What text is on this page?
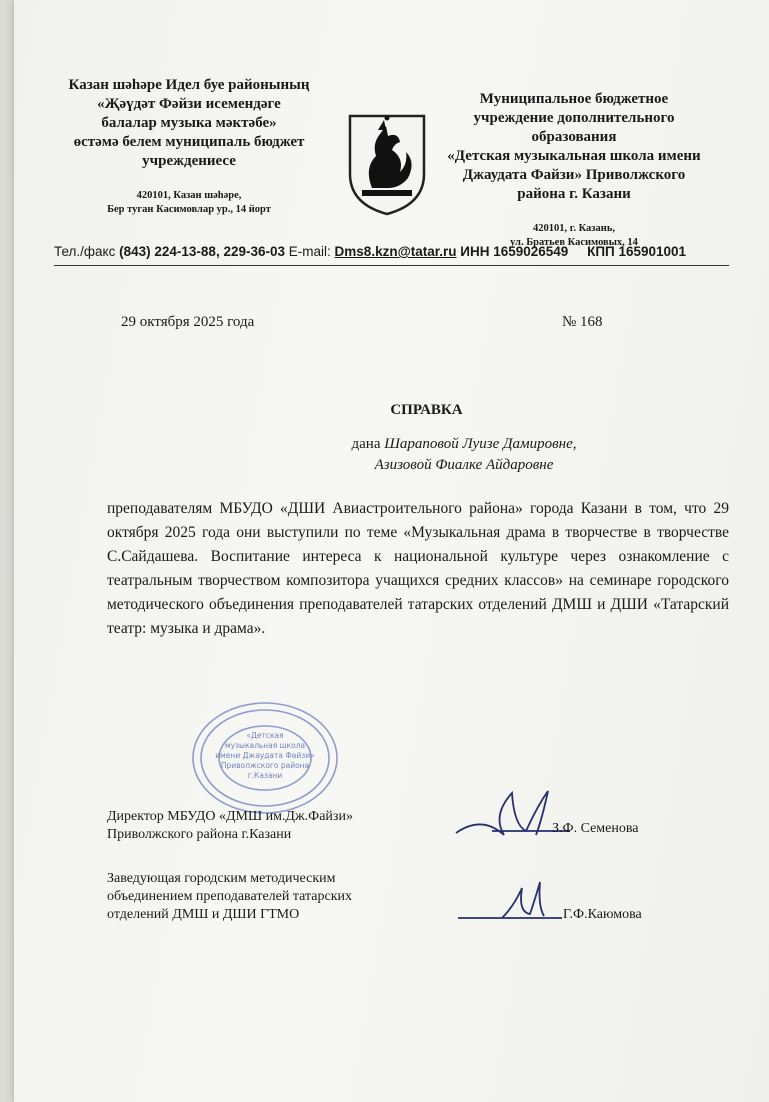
Казан шәһәре Идел буе районының
«Җәүдәт Фәйзи исемендәге
балалар музыка мәктәбе»
өстәмә белем муниципаль бюджет
учреждениесе
420101, Казан шәһәре,
Бер туган Касимовлар ур., 14 йорт
Муниципальное бюджетное
учреждение дополнительного
образования
«Детская музыкальная школа имени
Джаудата Файзи» Приволжского
района г. Казани
420101, г. Казань,
ул. Братьев Касимовых, 14
Тел./факс (843) 224-13-88, 229-36-03 E-mail: Dms8.kzn@tatar.ru ИНН 1659026549 КПП 165901001
29 октября 2025 года	№ 168
СПРАВКА
дана Шараповой Луизе Дамировне,
Азизовой Фиалке Айдаровне
преподавателям МБУДО «ДШИ Авиастроительного района» города Казани в том, что 29 октября 2025 года они выступили по теме «Музыкальная драма в творчестве в творчестве С.Сайдашева. Воспитание интереса к национальной культуре через ознакомление с театральным творчеством композитора учащихся средних классов» на семинаре городского методического объединения преподавателей татарских отделений ДМШ и ДШИ «Татарский театр: музыка и драма».
«Детская
музыкальная школа
имени Джаудата Файзи»
Приволжского района
г.Казани
Директор МБУДО «ДМШ им.Дж.Файзи»
Приволжского района г.Казани	З.Ф. Семенова
Заведующая городским методическим
объединением преподавателей татарских
отделений ДМШ и ДШИ ГТМО	Г.Ф.Каюмова
